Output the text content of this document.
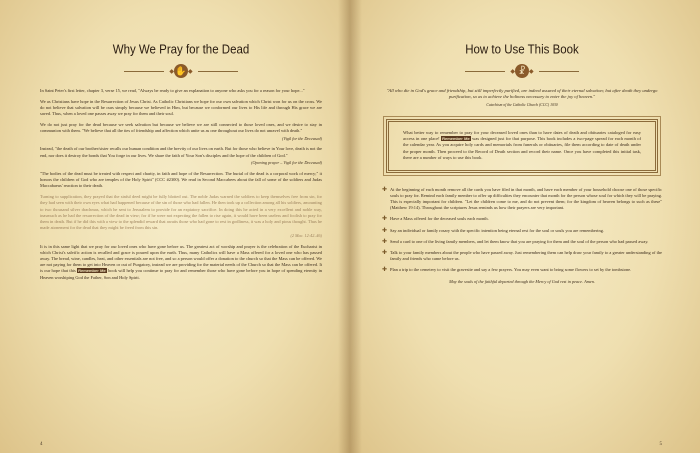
Why We Pray for the Dead
◆ ✋ ◆

In Saint Peter's first letter, chapter 3, verse 15, we read, "Always be ready to give an explanation to anyone who asks you for a reason for your hope..."

We as Christians have hope in the Resurrection of Jesus Christ. As Catholic Christians we hope for our own salvation which Christ won for us on the cross. We do not believe that salvation will be ours simply because we believed in Him, but because we conformed our lives to His life and through His grace we are saved. Thus, when a loved one passes away we pray for them and their soul.

We do not just pray for the dead because we seek salvation but because we believe we are still connected to those loved ones, and we desire to stay in communion with them. "We believe that all the ties of friendship and affection which unite us as one throughout our lives do not unravel with death."

(Vigil for the Deceased)

Instead, "the death of our brother/sister recalls our human condition and the brevity of our lives on earth. But for those who believe in Your love, death is not the end, nor does it destroy the bonds that You forge in our lives. We share the faith of Your Son's disciples and the hope of the children of God."

(Opening prayer – Vigil for the Deceased)

"The bodies of the dead must be treated with respect and charity, in faith and hope of the Resurrection. The burial of the dead is a corporal work of mercy;" it honors the children of God who are temples of the Holy Spirit" (CCC #2300). We read in Second Maccabees about the fall of some of the soldiers and Judas Maccabaeus' reaction to their death.

Turning to supplication, they prayed that the sinful deed might be fully blotted out. The noble Judas warned the soldiers to keep themselves free from sin, for they had seen with their own eyes what had happened because of the sin of those who had fallen. He then took up a collection among all his soldiers, amounting to two thousand silver drachmas, which he sent to Jerusalem to provide for an expiatory sacrifice. In doing this he acted in a very excellent and noble way, inasmuch as he had the resurrection of the dead in view; for if he were not expecting the fallen to rise again, it would have been useless and foolish to pray for them in death. But if he did this with a view to the splendid reward that awaits those who had gone to rest in godliness, it was a holy and pious thought. Thus he made atonement for the dead that they might be freed from this sin.

(2 Mac. 12:42–46)

It is in this same light that we pray for our loved ones who have gone before us. The greatest act of worship and prayer is the celebration of the Eucharist in which Christ's salvific action is recalled and grace is poured upon the earth. Thus, many Catholics will have a Mass offered for a loved one who has passed away. The bread, wine, candles, heat, and other essentials are not free, and so a person would offer a donation to the church so that the Mass can be offered. We are not paying for them to get into Heaven or out of Purgatory, instead we are providing for the material needs of the Church so that the Mass can be offered. It is our hope that this Remember Me book will help you continue to pray for and remember those who have gone before you in hope of spending eternity in Heaven worshiping God the Father, Son and Holy Spirit.

4
How to Use This Book
◆ ☧ ◆

"All who die in God's grace and friendship, but still imperfectly purified, are indeed assured of their eternal salvation; but after death they undergo purification, so as to achieve the holiness necessary to enter the joy of heaven."

Catechism of the Catholic Church (CCC) 1030

What better way to remember to pray for your deceased loved ones than to have dates of death and obituaries cataloged for easy access in one place! Remember Me was designed just for that purpose. This book includes a two-page spread for each month of the calendar year. As you acquire holy cards and memorials from funerals or obituaries, file them according to date of death under the proper month. Then proceed to the Record of Death section and record their name. Once you have completed this initial task, there are a number of ways to use this book.

✚ At the beginning of each month remove all the cards you have filed in that month, and have each member of your household choose one of those specific souls to pray for. Remind each family member to offer up difficulties they encounter that month for the person whose soul for which they will be praying. This is especially important for children. "Let the children come to me, and do not prevent them; for the kingdom of heaven belongs to such as these" (Matthew 19:14). Throughout the scriptures Jesus reminds us how their prayers are very important.

✚ Have a Mass offered for the deceased souls each month.

✚ Say an individual or family rosary with the specific intention being eternal rest for the soul or souls you are remembering.

✚ Send a card to one of the living family members, and let them know that you are praying for them and the soul of the person who had passed away.

✚ Talk to your family members about the people who have passed away. Just remembering them can help draw your family to a greater understanding of the family and friends who came before us.

✚ Plan a trip to the cemetery to visit the gravesite and say a few prayers. You may even want to bring some flowers to set by the tombstone.

May the souls of the faithful departed through the Mercy of God rest in peace. Amen.

5
